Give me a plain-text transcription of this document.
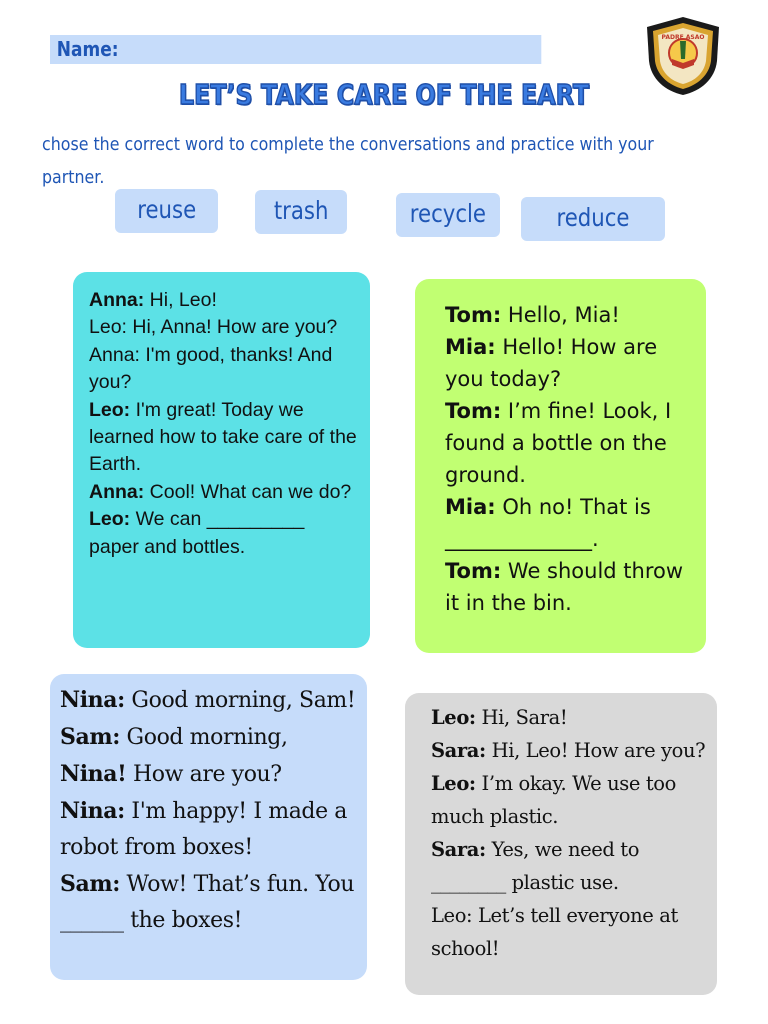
Name:	PADRE ASAO
LET’S TAKE CARE OF THE EART
chose the correct word to complete the conversations and practice with your partner.
reuse	trash	recycle	reduce

Anna: Hi, Leo!

Leo: Hi, Anna! How are you?

Anna: I'm good, thanks! And you?

Leo: I'm great! Today we learned how to take care of the Earth.

Anna: Cool! What can we do?

Leo: We can _________ paper and bottles.

Tom: Hello, Mia!

Mia: Hello! How are you today?

Tom: I’m fine! Look, I found a bottle on the ground.

Mia: Oh no! That is ______________.

Tom: We should throw it in the bin.

Nina: Good morning, Sam!

Sam: Good morning,

Nina! How are you?

Nina: I'm happy! I made a robot from boxes!

Sam: Wow! That’s fun. You ______ the boxes!

Leo: Hi, Sara!

Sara: Hi, Leo! How are you?

Leo: I’m okay. We use too much plastic.

Sara: Yes, we need to ________ plastic use.

Leo: Let’s tell everyone at school!
